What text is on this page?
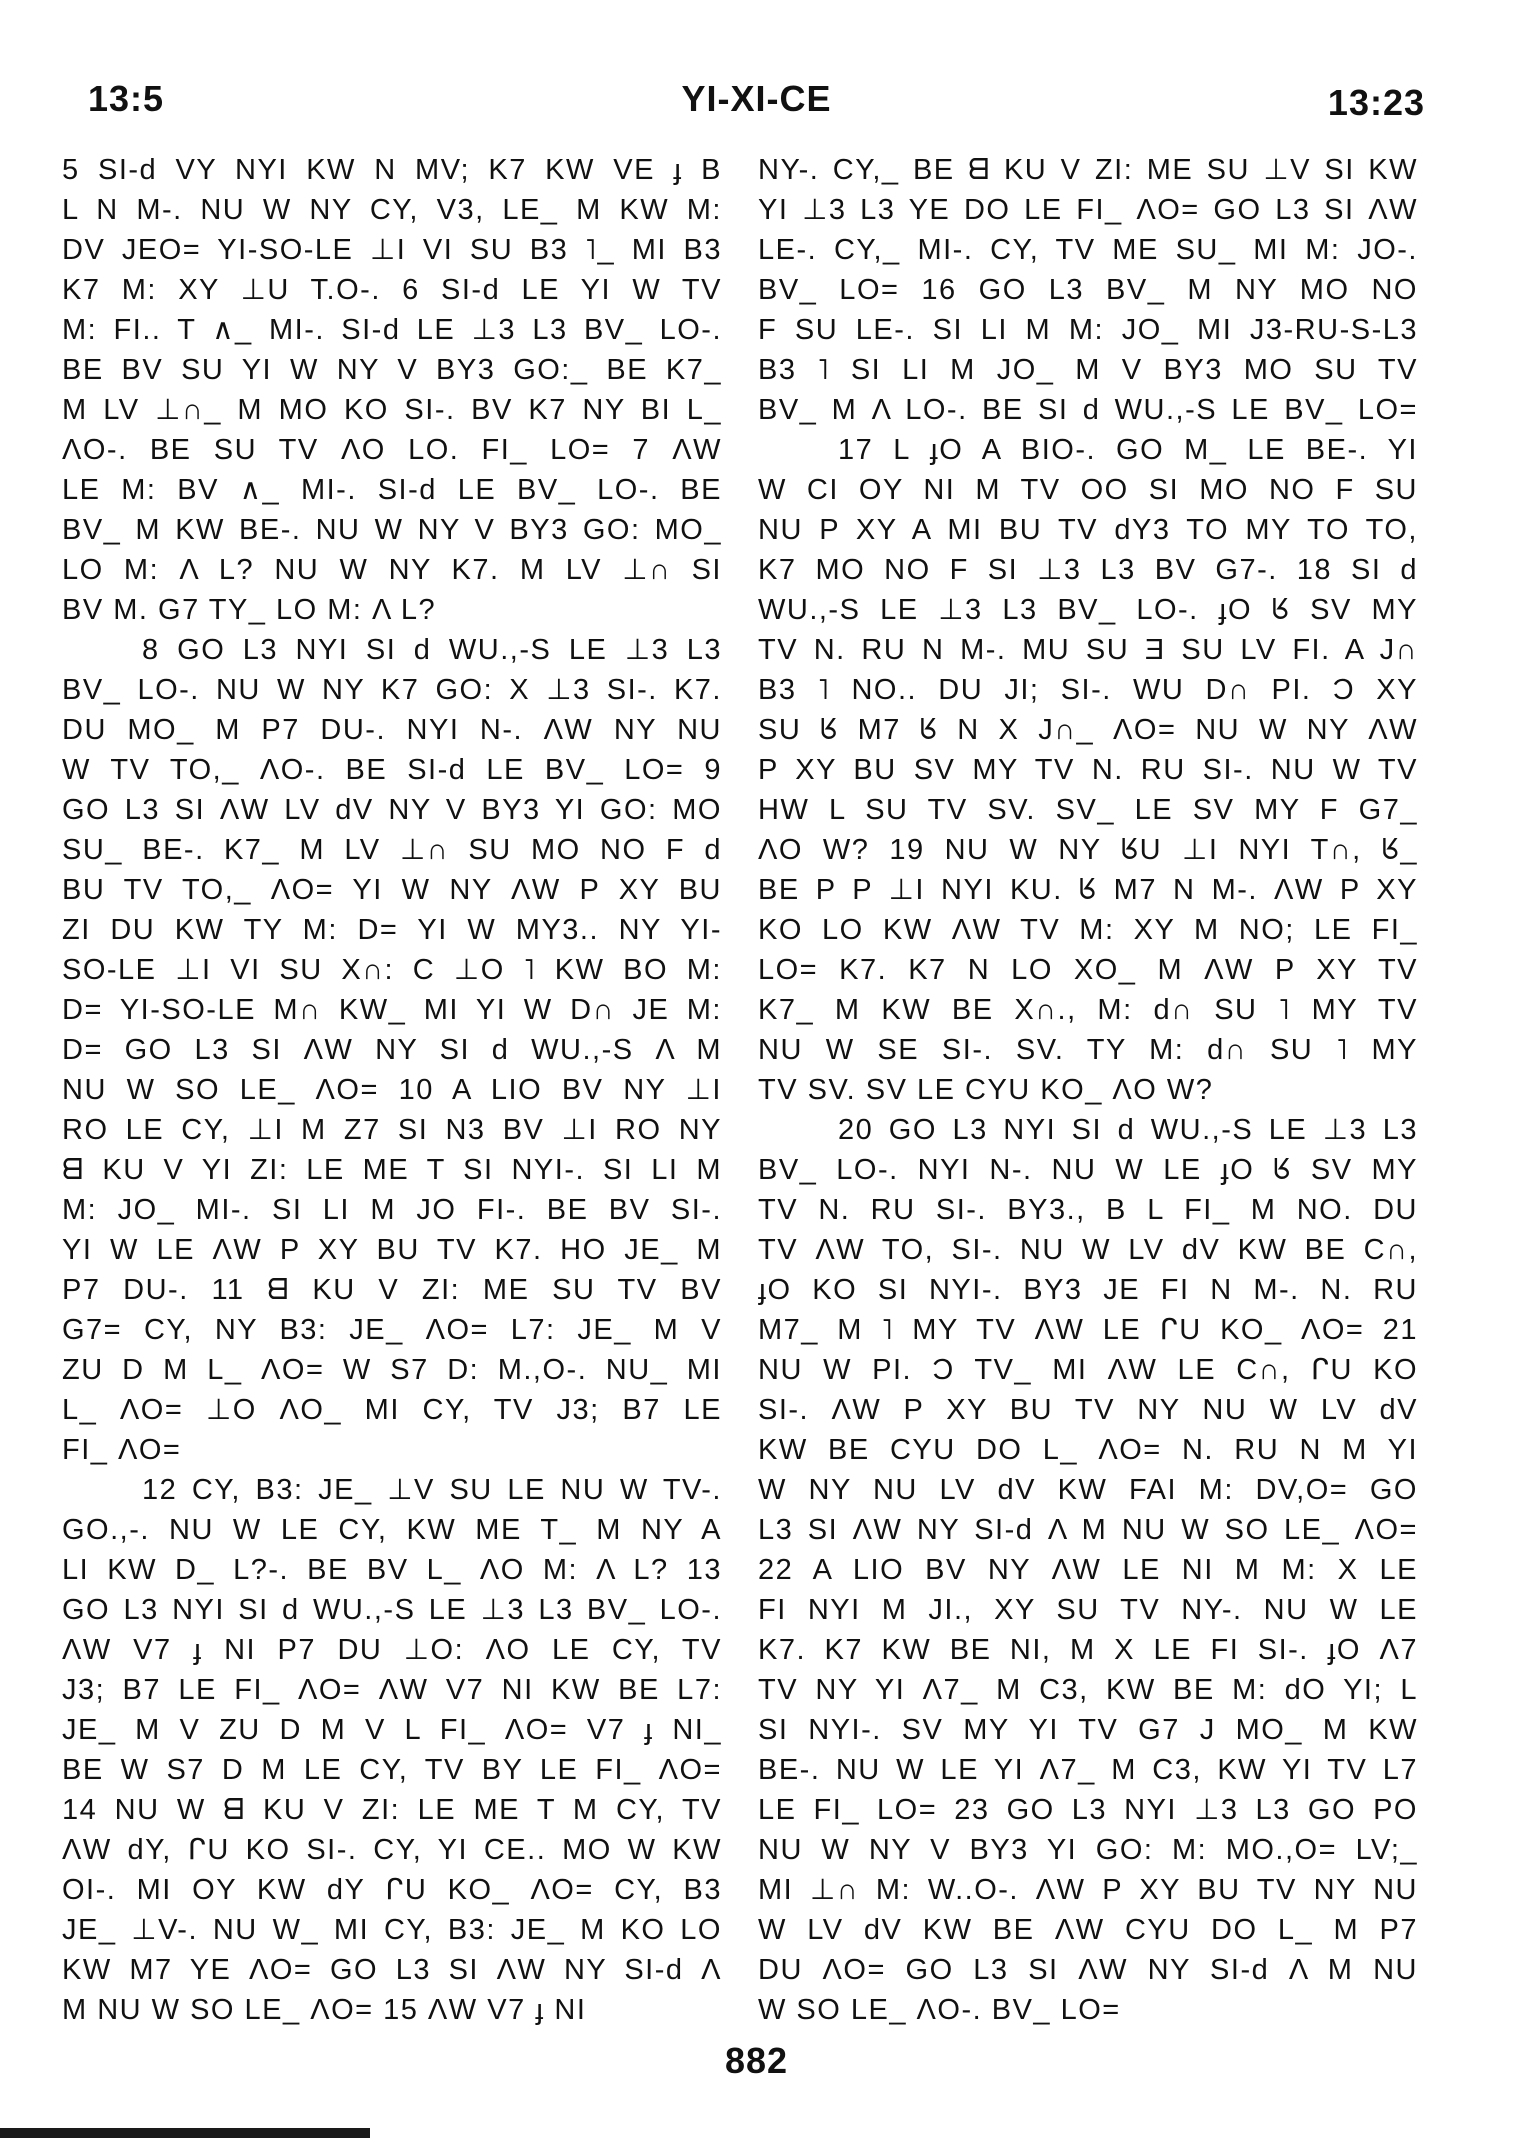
13:5	YI-XI-CE	13:23
5 SI-d VY NYI KW N MV; K7 KW VE ɟ B
L N M-. NU W NY CY, V3, LE_ M KW M:
DV JEO= YI-SO-LE ⊥I VI SU B3 ˥_ MI B3
K7 M: XY ⊥U T.O-. 6 SI-d LE YI W TV
M: FI.. T ∧_ MI-. SI-d LE ⊥3 L3 BV_ LO-.
BE BV SU YI W NY V BY3 GO:_ BE K7_
M LV ⊥∩_ M MO KO SI-. BV K7 NY BI L_
ΛO-. BE SU TV ΛO LO. FI_ LO= 7 ΛW
LE M: BV ∧_ MI-. SI-d LE BV_ LO-. BE
BV_ M KW BE-. NU W NY V BY3 GO: MO_
LO M: Λ L? NU W NY K7. M LV ⊥∩ SI
BV M. G7 TY_ LO M: Λ L?
8 GO L3 NYI SI d WU.,-S LE ⊥3 L3
BV_ LO-. NU W NY K7 GO: X ⊥3 SI-. K7.
DU MO_ M P7 DU-. NYI N-. ΛW NY NU
W TV TO,_ ΛO-. BE SI-d LE BV_ LO= 9
GO L3 SI ΛW LV dV NY V BY3 YI GO: MO
SU_ BE-. K7_ M LV ⊥∩ SU MO NO F d
BU TV TO,_ ΛO= YI W NY ΛW P XY BU
ZI DU KW TY M: D= YI W MY3.. NY YI-
SO-LE ⊥I VI SU X∩: C ⊥O ˥ KW BO M:
D= YI-SO-LE M∩ KW_ MI YI W D∩ JE M:
D= GO L3 SI ΛW NY SI d WU.,-S Λ M
NU W SO LE_ ΛO= 10 A LIO BV NY ⊥I
RO LE CY, ⊥I M Z7 SI N3 BV ⊥I RO NY
ᗺ KU V YI ZI: LE ME T SI NYI-. SI LI M
M: JO_ MI-. SI LI M JO FI-. BE BV SI-.
YI W LE ΛW P XY BU TV K7. HO JE_ M
P7 DU-. 11 ᗺ KU V ZI: ME SU TV BV
G7= CY, NY B3: JE_ ΛO= L7: JE_ M V
ZU D M L_ ΛO= W S7 D: M.,O-. NU_ MI
L_ ΛO= ⊥O ΛO_ MI CY, TV J3; B7 LE
FI_ ΛO=
12 CY, B3: JE_ ⊥V SU LE NU W TV-.
GO.,-. NU W LE CY, KW ME T_ M NY A
LI KW D_ L?-. BE BV L_ ΛO M: Λ L? 13
GO L3 NYI SI d WU.,-S LE ⊥3 L3 BV_ LO-.
ΛW V7 ɟ NI P7 DU ⊥O: ΛO LE CY, TV
J3; B7 LE FI_ ΛO= ΛW V7 NI KW BE L7:
JE_ M V ZU D M V L FI_ ΛO= V7 ɟ NI_
BE W S7 D M LE CY, TV BY LE FI_ ΛO=
14 NU W ᗺ KU V ZI: LE ME T M CY, TV
ΛW dY, ᒋU KO SI-. CY, YI CE.. MO W KW
OI-. MI OY KW dY ᒋU KO_ ΛO= CY, B3
JE_ ⊥V-. NU W_ MI CY, B3: JE_ M KO LO
KW M7 YE ΛO= GO L3 SI ΛW NY SI-d Λ
M NU W SO LE_ ΛO= 15 ΛW V7 ɟ NI
NY-. CY,_ BE ᗺ KU V ZI: ME SU ⊥V SI KW
YI ⊥3 L3 YE DO LE FI_ ΛO= GO L3 SI ΛW
LE-. CY,_ MI-. CY, TV ME SU_ MI M: JO-.
BV_ LO= 16 GO L3 BV_ M NY MO NO
F SU LE-. SI LI M M: JO_ MI J3-RU-S-L3
B3 ˥ SI LI M JO_ M V BY3 MO SU TV
BV_ M Λ LO-. BE SI d WU.,-S LE BV_ LO=
17 L ɟO A BIO-. GO M_ LE BE-. YI
W CI OY NI M TV OO SI MO NO F SU
NU P XY A MI BU TV dY3 TO MY TO TO,
K7 MO NO F SI ⊥3 L3 BV G7-. 18 SI d
WU.,-S LE ⊥3 L3 BV_ LO-. ɟO ᖉ SV MY
TV N. RU N M-. MU SU Ǝ SU LV FI. A J∩
B3 ˥ NO.. DU JI; SI-. WU D∩ PI. Ɔ XY
SU ᖉ M7 ᖉ N X J∩_ ΛO= NU W NY ΛW
P XY BU SV MY TV N. RU SI-. NU W TV
HW L SU TV SV. SV_ LE SV MY F G7_
ΛO W? 19 NU W NY ᖉU ⊥I NYI T∩, ᖉ_
BE P P ⊥I NYI KU. ᖉ M7 N M-. ΛW P XY
KO LO KW ΛW TV M: XY M NO; LE FI_
LO= K7. K7 N LO XO_ M ΛW P XY TV
K7_ M KW BE X∩., M: d∩ SU ˥ MY TV
NU W SE SI-. SV. TY M: d∩ SU ˥ MY
TV SV. SV LE CYU KO_ ΛO W?
20 GO L3 NYI SI d WU.,-S LE ⊥3 L3
BV_ LO-. NYI N-. NU W LE ɟO ᖉ SV MY
TV N. RU SI-. BY3., B L FI_ M NO. DU
TV ΛW TO, SI-. NU W LV dV KW BE C∩,
ɟO KO SI NYI-. BY3 JE FI N M-. N. RU
M7_ M ˥ MY TV ΛW LE ᒋU KO_ ΛO= 21
NU W PI. Ɔ TV_ MI ΛW LE C∩, ᒋU KO
SI-. ΛW P XY BU TV NY NU W LV dV
KW BE CYU DO L_ ΛO= N. RU N M YI
W NY NU LV dV KW FAI M: DV,O= GO
L3 SI ΛW NY SI-d Λ M NU W SO LE_ ΛO=
22 A LIO BV NY ΛW LE NI M M: X LE
FI NYI M JI., XY SU TV NY-. NU W LE
K7. K7 KW BE NI, M X LE FI SI-. ɟO Λ7
TV NY YI Λ7_ M C3, KW BE M: dO YI; L
SI NYI-. SV MY YI TV G7 J MO_ M KW
BE-. NU W LE YI Λ7_ M C3, KW YI TV L7
LE FI_ LO= 23 GO L3 NYI ⊥3 L3 GO PO
NU W NY V BY3 YI GO: M: MO.,O= LV;_
MI ⊥∩ M: W..O-. ΛW P XY BU TV NY NU
W LV dV KW BE ΛW CYU DO L_ M P7
DU ΛO= GO L3 SI ΛW NY SI-d Λ M NU
W SO LE_ ΛO-. BV_ LO=
882
